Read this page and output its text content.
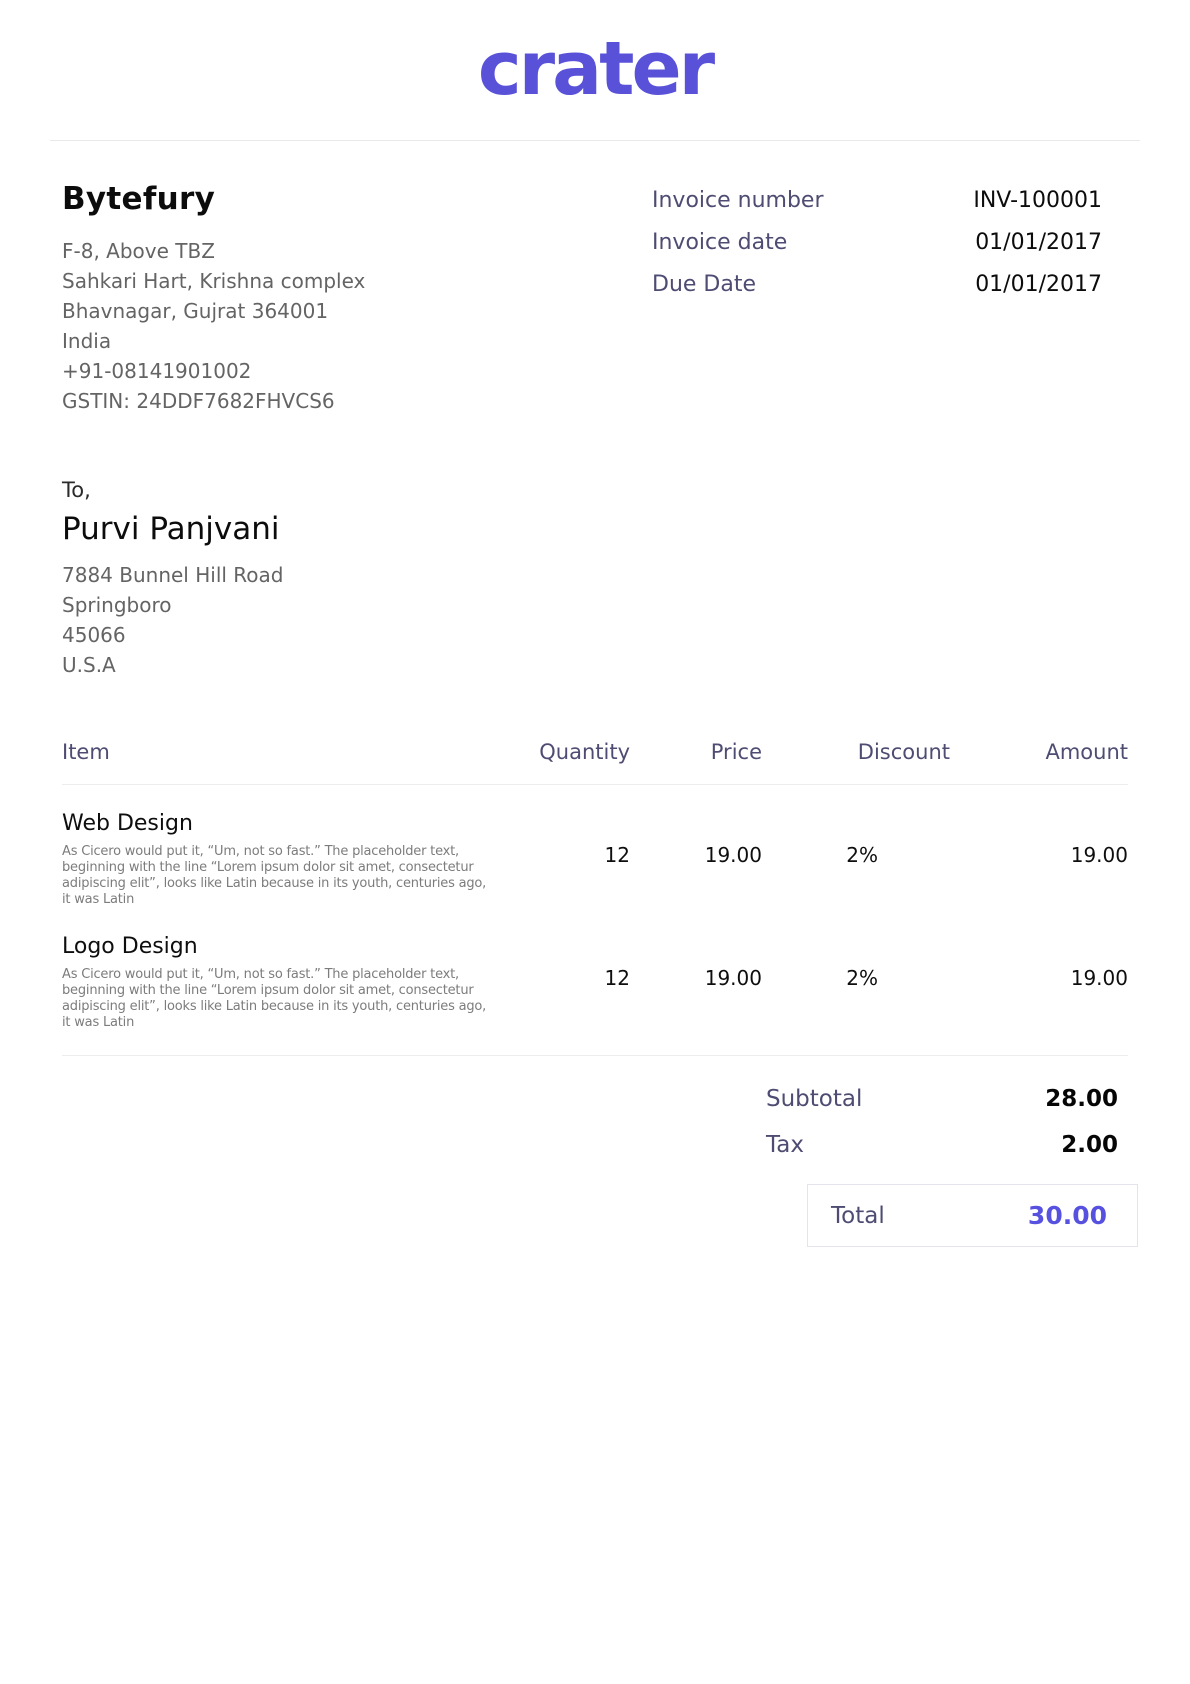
crater
Bytefury
F-8, Above TBZ
Sahkari Hart, Krishna complex
Bhavnagar, Gujrat 364001
India
+91-08141901002
GSTIN: 24DDF7682FHVCS6
Invoice number	INV-100001
Invoice date	01/01/2017
Due Date	01/01/2017
To,
Purvi Panjvani
7884 Bunnel Hill Road
Springboro
45066
U.S.A
Item	Quantity	Price	Discount	Amount
Web Design
As Cicero would put it, “Um, not so fast.” The placeholder text, beginning with the line “Lorem ipsum dolor sit amet, consectetur adipiscing elit”, looks like Latin because in its youth, centuries ago, it was Latin
12	19.00	2%	19.00
Logo Design
As Cicero would put it, “Um, not so fast.” The placeholder text, beginning with the line “Lorem ipsum dolor sit amet, consectetur adipiscing elit”, looks like Latin because in its youth, centuries ago, it was Latin
12	19.00	2%	19.00
Subtotal	28.00
Tax	2.00
Total	30.00
